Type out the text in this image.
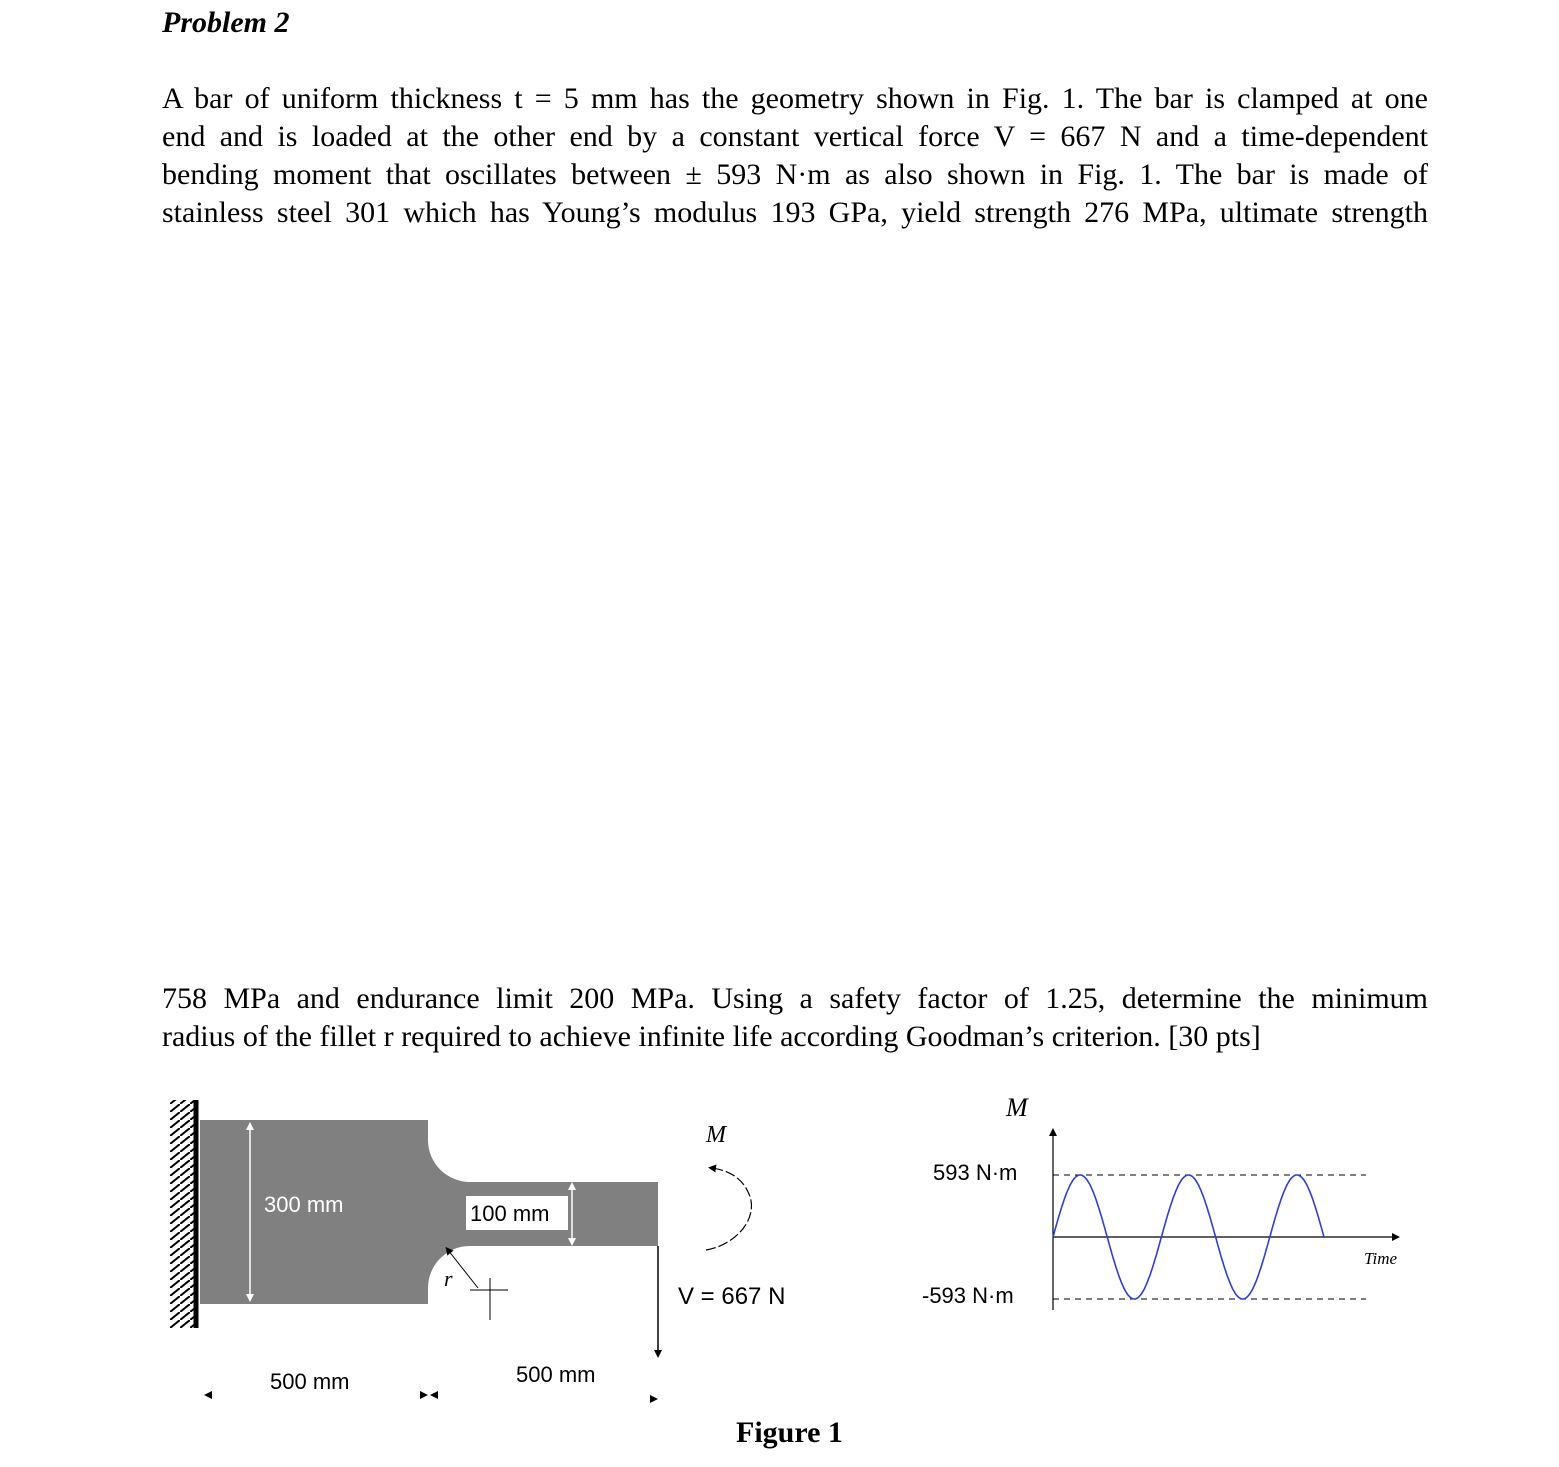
Problem 2
A bar of uniform thickness t = 5 mm has the geometry shown in Fig. 1. The bar is clamped at one
end and is loaded at the other end by a constant vertical force V = 667 N and a time-dependent
bending moment that oscillates between ± 593 N·m as also shown in Fig. 1. The bar is made of
stainless steel 301 which has Young’s modulus 193 GPa, yield strength 276 MPa, ultimate strength
758 MPa and endurance limit 200 MPa. Using a safety factor of 1.25, determine the minimum
radius of the fillet r required to achieve infinite life according Goodman’s criterion. [30 pts]
300 mm	100 mm
r
500 mm	500 mm
M
V = 667 N
M
593 N·m
-593 N·m
Time
Figure 1
